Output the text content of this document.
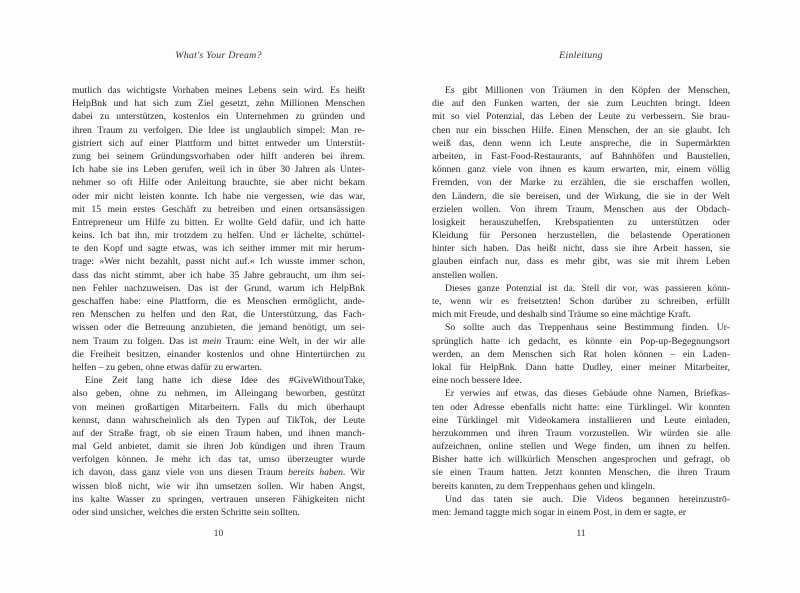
What's Your Dream?
mutlich das wichtigste Vorhaben meines Lebens sein wird. Es heißt
HelpBnk und hat sich zum Ziel gesetzt, zehn Millionen Menschen
dabei zu unterstützen, kostenlos ein Unternehmen zu gründen und
ihren Traum zu verfolgen. Die Idee ist unglaublich simpel: Man re-
gistriert sich auf einer Plattform und bittet entweder um Unterstüt-
zung bei seinem Gründungsvorhaben oder hilft anderen bei ihrem.
Ich habe sie ins Leben gerufen, weil ich in über 30 Jahren als Unter-
nehmer so oft Hilfe oder Anleitung brauchte, sie aber nicht bekam
oder mir nicht leisten konnte. Ich habe nie vergessen, wie das war,
mit 15 mein erstes Geschäft zu betreiben und einen ortsansässigen
Entrepreneur um Hilfe zu bitten. Er wollte Geld dafür, und ich hatte
keins. Ich bat ihn, mir trotzdem zu helfen. Und er lächelte, schüttel-
te den Kopf und sagte etwas, was ich seither immer mit mir herum-
trage: »Wer nicht bezahlt, passt nicht auf.« Ich wusste immer schon,
dass das nicht stimmt, aber ich habe 35 Jahre gebraucht, um ihm sei-
nen Fehler nachzuweisen. Das ist der Grund, warum ich HelpBnk
geschaffen habe: eine Plattform, die es Menschen ermöglicht, ande-
ren Menschen zu helfen und den Rat, die Unterstützung, das Fach-
wissen oder die Betreuung anzubieten, die jemand benötigt, um sei-
nem Traum zu folgen. Das ist mein Traum: eine Welt, in der wir alle
die Freiheit besitzen, einander kostenlos und ohne Hintertürchen zu
helfen – zu geben, ohne etwas dafür zu erwarten.
Eine Zeit lang hatte ich diese Idee des #GiveWithoutTake,
also geben, ohne zu nehmen, im Alleingang beworben, gestützt
von meinen großartigen Mitarbeitern. Falls du mich überhaupt
kennst, dann wahrscheinlich als den Typen auf TikTok, der Leute
auf der Straße fragt, ob sie einen Traum haben, und ihnen manch-
mal Geld anbietet, damit sie ihren Job kündigen und ihren Traum
verfolgen können. Je mehr ich das tat, umso überzeugter wurde
ich davon, dass ganz viele von uns diesen Traum bereits haben. Wir
wissen bloß nicht, wie wir ihn umsetzen sollen. Wir haben Angst,
ins kalte Wasser zu springen, vertrauen unseren Fähigkeiten nicht
oder sind unsicher, welches die ersten Schritte sein sollten.
10
Einleitung
Es gibt Millionen von Träumen in den Köpfen der Menschen,
die auf den Funken warten, der sie zum Leuchten bringt. Ideen
mit so viel Potenzial, das Leben der Leute zu verbessern. Sie brau-
chen nur ein bisschen Hilfe. Einen Menschen, der an sie glaubt. Ich
weiß das, denn wenn ich Leute anspreche, die in Supermärkten
arbeiten, in Fast-Food-Restaurants, auf Bahnhöfen und Baustellen,
können ganz viele von ihnen es kaum erwarten, mir, einem völlig
Fremden, von der Marke zu erzählen, die sie erschaffen wollen,
den Ländern, die sie bereisen, und der Wirkung, die sie in der Welt
erzielen wollen. Von ihrem Traum, Menschen aus der Obdach-
losigkeit herauszuhelfen, Krebspatienten zu unterstützen oder
Kleidung für Personen herzustellen, die belastende Operationen
hinter sich haben. Das heißt nicht, dass sie ihre Arbeit hassen, sie
glauben einfach nur, dass es mehr gibt, was sie mit ihrem Leben
anstellen wollen.
Dieses ganze Potenzial ist da. Stell dir vor, was passieren könn-
te, wenn wir es freisetzten! Schon darüber zu schreiben, erfüllt
mich mit Freude, und deshalb sind Träume so eine mächtige Kraft.
So sollte auch das Treppenhaus seine Bestimmung finden. Ur-
sprünglich hatte ich gedacht, es könnte ein Pop-up-Begegnungsort
werden, an dem Menschen sich Rat holen können – ein Laden-
lokal für HelpBnk. Dann hatte Dudley, einer meiner Mitarbeiter,
eine noch bessere Idee.
Er verwies auf etwas, das dieses Gebäude ohne Namen, Briefkas-
ten oder Adresse ebenfalls nicht hatte: eine Türklingel. Wir konnten
eine Türklingel mit Videokamera installieren und Leute einladen,
herzukommen und ihren Traum vorzustellen. Wir würden sie alle
aufzeichnen, online stellen und Wege finden, um ihnen zu helfen.
Bisher hatte ich willkürlich Menschen angesprochen und gefragt, ob
sie einen Traum hatten. Jetzt konnten Menschen, die ihren Traum
bereits kannten, zu dem Treppenhaus gehen und klingeln.
Und das taten sie auch. Die Videos begannen hereinzustrō-
men: Jemand taggte mich sogar in einem Post, in dem er sagte, er
11
